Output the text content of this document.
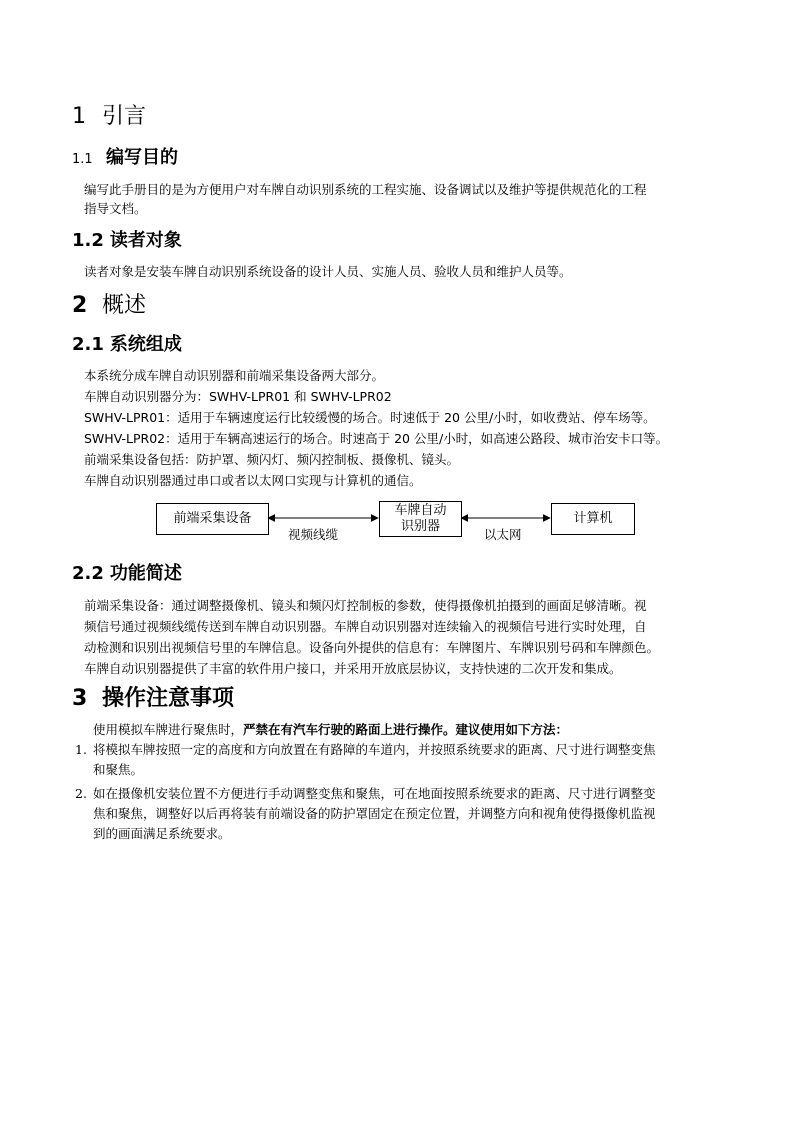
1 引言
1.1 编写目的
编写此手册目的是为方便用户对车牌自动识别系统的工程实施、设备调试以及维护等提供规范化的工程
指导文档。
1.2 读者对象
读者对象是安装车牌自动识别系统设备的设计人员、实施人员、验收人员和维护人员等。
2 概述
2.1 系统组成
本系统分成车牌自动识别器和前端采集设备两大部分。
车牌自动识别器分为：SWHV-LPR01 和 SWHV-LPR02
SWHV-LPR01：适用于车辆速度运行比较缓慢的场合。时速低于 20 公里/小时，如收费站、停车场等。
SWHV-LPR02：适用于车辆高速运行的场合。时速高于 20 公里/小时，如高速公路段、城市治安卡口等。
前端采集设备包括：防护罩、频闪灯、频闪控制板、摄像机、镜头。
车牌自动识别器通过串口或者以太网口实现与计算机的通信。
前端采集设备
车牌自动
识别器
计算机
视频线缆	以太网
2.2 功能简述
前端采集设备：通过调整摄像机、镜头和频闪灯控制板的参数，使得摄像机拍摄到的画面足够清晰。视
频信号通过视频线缆传送到车牌自动识别器。车牌自动识别器对连续输入的视频信号进行实时处理，自
动检测和识别出视频信号里的车牌信息。设备向外提供的信息有：车牌图片、车牌识别号码和车牌颜色。
车牌自动识别器提供了丰富的软件用户接口，并采用开放底层协议，支持快速的二次开发和集成。
3 操作注意事项
使用模拟车牌进行聚焦时，严禁在有汽车行驶的路面上进行操作。建议使用如下方法：
1. 将模拟车牌按照一定的高度和方向放置在有路障的车道内，并按照系统要求的距离、尺寸进行调整变焦
和聚焦。
2. 如在摄像机安装位置不方便进行手动调整变焦和聚焦，可在地面按照系统要求的距离、尺寸进行调整变
焦和聚焦，调整好以后再将装有前端设备的防护罩固定在预定位置，并调整方向和视角使得摄像机监视
到的画面满足系统要求。
